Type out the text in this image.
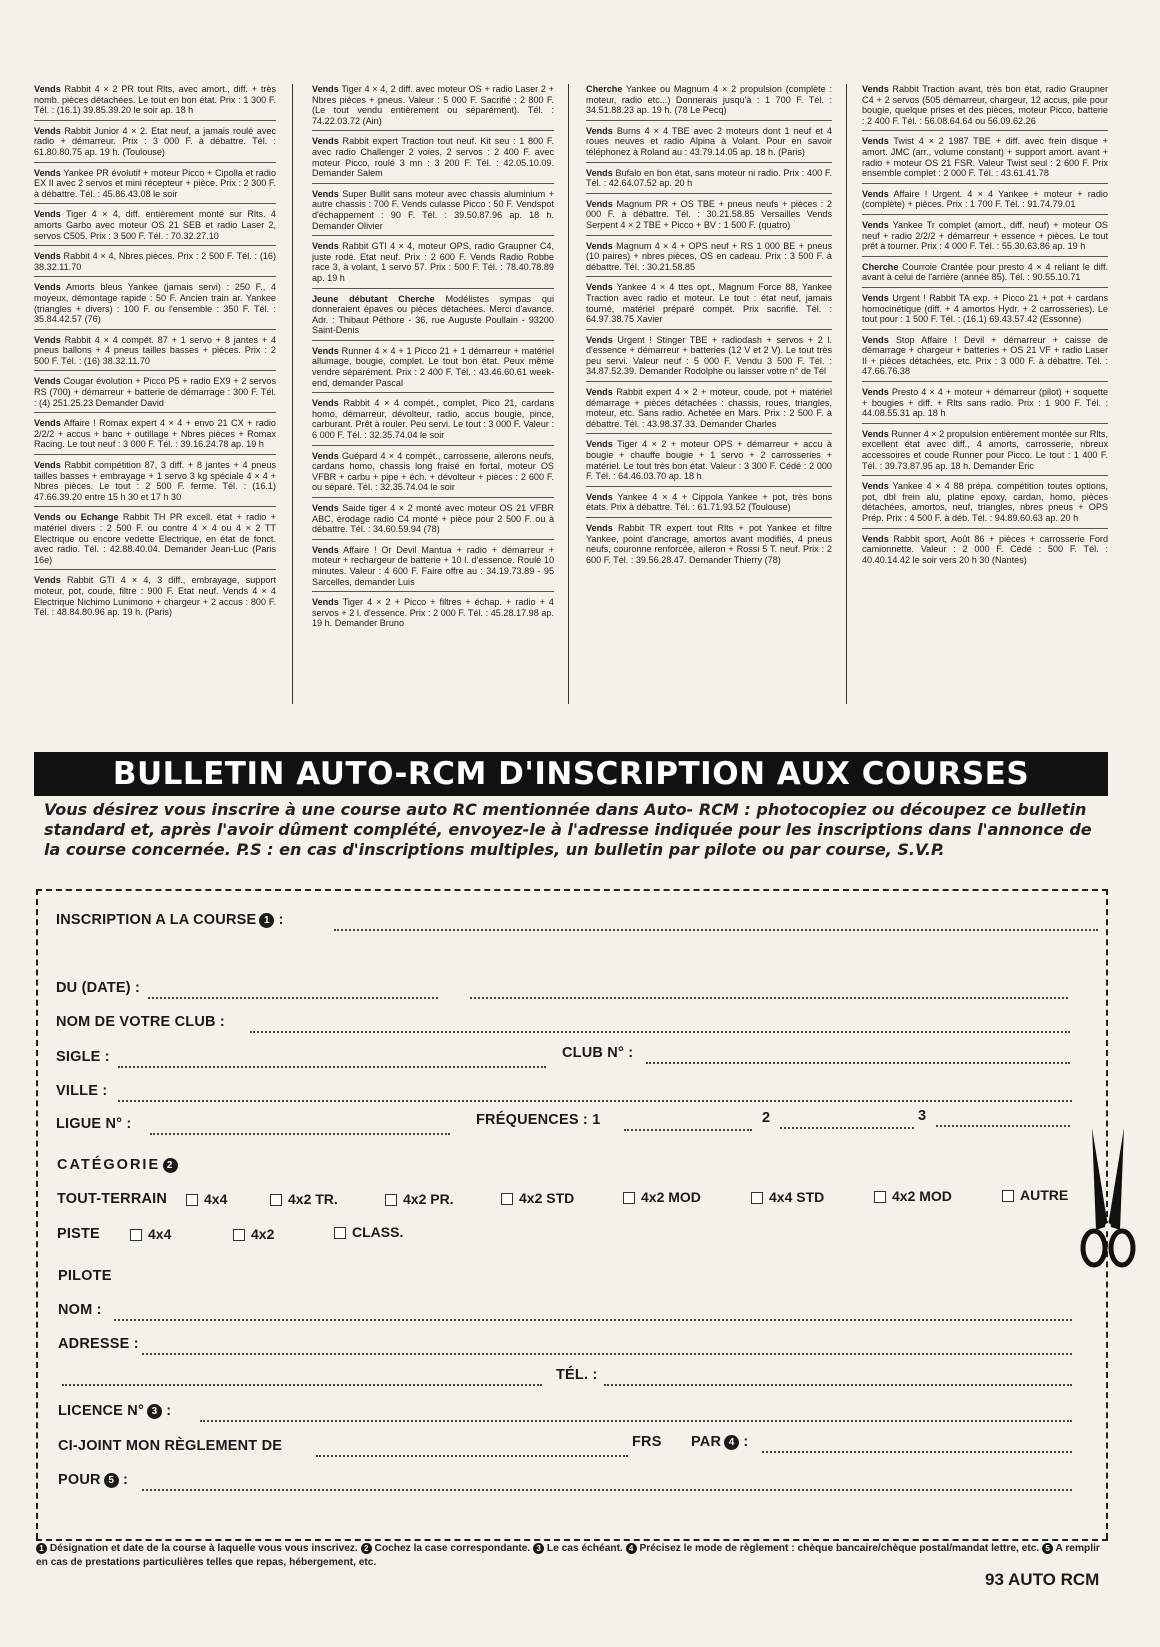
Vends Rabbit 4 × 2 PR tout Rlts, avec amort., diff. + très nomb. pièces détachées. Le tout en bon état. Prix : 1 300 F. Tél. : (16.1) 39.85.39.20 le soir ap. 18 h
Vends Rabbit Junior 4 × 2. Etat neuf, a jamais roulé avec radio + démarreur. Prix : 3 000 F. à débattre. Tél. : 61.80.80.75 ap. 19 h. (Toulouse)
Vends Yankee PR évolutif + moteur Picco + Cipolla et radio EX II avec 2 servos et mini récepteur + pièce. Prix : 2 300 F. à débattre. Tél. : 45.86.43.08 le soir
Vends Tiger 4 × 4, diff. entièrement monté sur Rlts. 4 amorts Garbo avec moteur OS 21 SEB et radio Laser 2, servos C505. Prix : 3 500 F. Tél. : 70.32.27.10
Vends Rabbit 4 × 4, Nbres pièces. Prix : 2 500 F. Tél. : (16) 38.32.11.70
Vends Amorts bleus Yankee (jamais servi) : 250 F., 4 moyeux, démontage rapide : 50 F. Ancien train ar. Yankee (triangles + divers) : 100 F. ou l'ensemble : 350 F. Tél. : 35.84.42.57 (76)
Vends Rabbit 4 × 4 compét. 87 + 1 servo + 8 jantes + 4 pneus ballons + 4 pneus tailles basses + pièces. Prix : 2 500 F. Tél. : (16) 38.32.11.70
Vends Cougar évolution + Picco P5 + radio EX9 + 2 servos RS (700) + démarreur + batterie de démarrage : 300 F. Tél. : (4) 251.25.23 Demander David
Vends Affaire ! Romax expert 4 × 4 + envo 21 CX + radio 2/2/2 + accus + banc + outillage + Nbres pièces + Romax Racing. Le tout neuf : 3 000 F. Tél. : 39.16.24.78 ap. 19 h
Vends Rabbit compétition 87, 3 diff. + 8 jantes + 4 pneus tailles basses + embrayage + 1 servo 3 kg spéciale 4 × 4 + Nbres pièces. Le tout : 2 500 F. ferme. Tél. : (16.1) 47.66.39.20 entre 15 h 30 et 17 h 30
Vends ou Echange Rabbit TH PR excell. état + radio + matériel divers : 2 500 F. ou contre 4 × 4 ou 4 × 2 TT Electrique ou encore vedette Electrique, en état de fonct. avec radio. Tél. : 42.88.40.04. Demander Jean-Luc (Paris 16e)
Vends Rabbit GTI 4 × 4, 3 diff., embrayage, support moteur, pot, coude, filtre : 900 F. Etat neuf. Vends 4 × 4 Electrique Nichimo Lunimono + chargeur + 2 accus : 800 F. Tél. : 48.84.80.96 ap. 19 h. (Paris)
Vends Tiger 4 × 4, 2 diff. avec moteur OS + radio Laser 2 + Nbres pièces + pneus. Valeur : 5 000 F. Sacrifié : 2 800 F. (Le tout vendu entièrement ou séparément). Tél. : 74.22.03.72 (Ain)
Vends Rabbit expert Traction tout neuf. Kit seu : 1 800 F. avec radio Challenger 2 voies, 2 servos : 2 400 F. avec moteur Picco, roulé 3 mn : 3 200 F. Tél. : 42.05.10.09. Demander Salem
Vends Super Bullit sans moteur avec chassis aluminium + autre chassis : 700 F. Vends culasse Picco : 50 F. Vendspot d'échappement : 90 F. Tél. : 39.50.87.96 ap. 18 h. Demander Olivier
Vends Rabbit GTI 4 × 4, moteur OPS, radio Graupner C4, juste rodé. Etat neuf. Prix : 2 600 F. Vends Radio Robbe race 3, à volant, 1 servo 57. Prix : 500 F. Tél. : 78.40.78.89 ap. 19 h
Jeune débutant Cherche Modélistes sympas qui donneraient épaves ou pièces détachées. Merci d'avance. Adr. : Thibaut Péthore - 36, rue Auguste Poullain - 93200 Saint-Denis
Vends Runner 4 × 4 + 1 Picco 21 + 1 démarreur + matériel allumage, bougie, complet. Le tout bon état. Peux même vendre séparément. Prix : 2 400 F. Tél. : 43.46.60.61 week-end, demander Pascal
Vends Rabbit 4 × 4 compét., complet, Pico 21, cardans homo, démarreur, dévolteur, radio, accus bougie, pince, carburant. Prêt à rouler. Peu servi. Le tout : 3 000 F. Valeur : 6 000 F. Tél. : 32.35.74.04 le soir
Vends Guépard 4 × 4 compét., carrosserie, ailerons neufs, cardans homo, chassis long fraisé en fortal, moteur OS VFBR + carbu + pipe + éch. + dévolteur + pièces : 2 600 F. ou séparé. Tél. : 32.35.74.04 le soir
Vends Saide tiger 4 × 2 monté avec moteur OS 21 VFBR ABC, érodage radio C4 monté + pièce pour 2 500 F. ou à débattre. Tél. : 34.60.59.94 (78)
Vends Affaire ! Or Devil Mantua + radio + démarreur + moteur + rechargeur de batterie + 10 l. d'essence. Roulé 10 minutes. Valeur : 4 600 F. Faire offre au : 34.19.73.89 - 95 Sarcelles, demander Luis
Vends Tiger 4 × 2 + Picco + filtres + échap. + radio + 4 servos + 2 l. d'essence. Prix : 2 000 F. Tél. : 45.28.17.98 ap. 19 h. Demander Bruno
Cherche Yankee ou Magnum 4 × 2 propulsion (complète : moteur, radio etc...) Donnerais jusqu'à : 1 700 F. Tél. : 34.51.88.23 ap. 19 h. (78 Le Pecq)
Vends Burns 4 × 4 TBE avec 2 moteurs dont 1 neuf et 4 roues neuves et radio Alpina à Volant. Pour en savoir téléphonez à Roland au : 43.79.14.05 ap. 18 h. (Paris)
Vends Bufalo en bon état, sans moteur ni radio. Prix : 400 F. Tél. : 42.64.07.52 ap. 20 h
Vends Magnum PR + OS TBE + pneus neufs + pièces : 2 000 F. à débattre. Tél. : 30.21.58.85 Versailles Vends Serpent 4 × 2 TBE + Picco + BV : 1 500 F. (quatro)
Vends Magnum 4 × 4 + OPS neuf + RS 1 000 BE + pneus (10 paires) + nbres pièces, OS en cadeau. Prix : 3 500 F. à débattre. Tél. : 30.21.58.85
Vends Yankee 4 × 4 ttes opt., Magnum Force 88, Yankee Traction avec radio et moteur. Le tout : état neuf, jamais tourné, matériel préparé compét. Prix sacrifié. Tél. : 64.97.38.75 Xavier
Vends Urgent ! Stinger TBE + radiodash + servos + 2 l. d'essence + démarreur + batteries (12 V et 2 V). Le tout très peu servi. Valeur neuf : 5 000 F. Vendu 3 500 F. Tél. : 34.87.52.39. Demander Rodolphe ou laisser votre n° de Tél
Vends Rabbit expert 4 × 2 + moteur, coude, pot + matériel démarrage + pièces détachées : chassis, roues, triangles, moteur, etc. Sans radio. Achetée en Mars. Prix : 2 500 F. à débattre. Tél. : 43.98.37.33. Demander Charles
Vends Tiger 4 × 2 + moteur OPS + démarreur + accu à bougie + chauffe bougie + 1 servo + 2 carrosseries + matériel. Le tout très bon état. Valeur : 3 300 F. Cédé : 2 000 F. Tél. : 64.46.03.70 ap. 18 h
Vends Yankee 4 × 4 + Cippola Yankee + pot, très bons états. Prix à débattre. Tél. : 61.71.93.52 (Toulouse)
Vends Rabbit TR expert tout Rlts + pot Yankee et filtre Yankee, point d'ancrage, amortos avant modifiés, 4 pneus neufs, couronne renforcée, aileron + Rossi 5 T. neuf. Prix : 2 600 F. Tél. : 39.56.28.47. Demander Thierry (78)
Vends Rabbit Traction avant, très bon état, radio Graupner C4 + 2 servos (505 démarreur, chargeur, 12 accus, pile pour bougie, quelque prises et des pièces, moteur Picco, batterie : 2 400 F. Tél. : 56.08.64.64 ou 56.09.62.26
Vends Twist 4 × 2 1987 TBE + diff. avec frein disque + amort. JMC (arr., volume constant) + support amort. avant + radio + moteur OS 21 FSR. Valeur Twist seul : 2 600 F. Prix ensemble complet : 2 000 F. Tél. : 43.61.41.78
Vends Affaire ! Urgent. 4 × 4 Yankee + moteur + radio (complète) + pièces. Prix : 1 700 F. Tél. : 91.74.79.01
Vends Yankee Tr complet (amort., diff. neuf) + moteur OS neuf + radio 2/2/2 + démarreur + essence + pièces. Le tout prêt à tourner. Prix : 4 000 F. Tél. : 55.30.63.86 ap. 19 h
Cherche Courroie Crantée pour presto 4 × 4 reliant le diff. avant à celui de l'arrière (année 85). Tél. : 90.55.10.71
Vends Urgent ! Rabbit TA exp. + Picco 21 + pot + cardans homocinétique (diff. + 4 amortos Hydr. + 2 carrosseries). Le tout pour : 1 500 F. Tél. : (16.1) 69.43.57.42 (Essonne)
Vends Stop Affaire ! Devil + démarreur + caisse de démarrage + chargeur + batteries + OS 21 VF + radio Laser II + pièces détachées, etc. Prix : 3 000 F. à débattre. Tél. : 47.66.76.38
Vends Presto 4 × 4 + moteur + démarreur (pilot) + soquette + bougies + diff. + Rlts sans radio. Prix : 1 900 F. Tél. : 44.08.55.31 ap. 18 h
Vends Runner 4 × 2 propulsion entièrement montée sur Rlts, excellent état avec diff., 4 amorts, carrosserie, nbreux accessoires et coude Runner pour Picco. Le tout : 1 400 F. Tél. : 39.73.87.95 ap. 18 h. Demander Eric
Vends Yankee 4 × 4 88 prépa. compétition toutes options, pot, dbl frein alu, platine epoxy, cardan, homo, pièces détachées, amortos, neuf, triangles, nbres pneus + OPS Prép. Prix : 4 500 F. à déb. Tél. : 94.89.60.63 ap. 20 h
Vends Rabbit sport, Août 86 + pièces + carrosserie Ford camionnette. Valeur : 2 000 F. Cédé : 500 F. Tél. : 40.40.14.42 le soir vers 20 h 30 (Nantes)
BULLETIN AUTO-RCM D'INSCRIPTION AUX COURSES
Vous désirez vous inscrire à une course auto RC mentionnée dans Auto- RCM : photocopiez ou découpez ce bulletin standard et, après l'avoir dûment complété, envoyez-le à l'adresse indiquée pour les inscriptions dans l'annonce de la course concernée. P.S : en cas d'inscriptions multiples, un bulletin par pilote ou par course, S.V.P.
INSCRIPTION A LA COURSE 1 :
DU (DATE) :
NOM DE VOTRE CLUB :
SIGLE :	CLUB N° :
VILLE :
LIGUE N° :	FRÉQUENCES : 1	2	3
CATÉGORIE 2
TOUT-TERRAIN	4x4	4x2 TR.	4x2 PR.	4x2 STD	4x2 MOD	4x4 STD	4x2 MOD	AUTRE
PISTE	4x4	4x2	CLASS.
PILOTE
NOM :
ADRESSE :
TÉL. :
LICENCE N° 3 :
CI-JOINT MON RÈGLEMENT DE	FRS PAR 4 :
POUR 5 :
1 Désignation et date de la course à laquelle vous vous inscrivez. 2 Cochez la case correspondante. 3 Le cas échéant. 4 Précisez le mode de règlement : chèque bancaire/chèque postal/mandat lettre, etc. 5 A remplir en cas de prestations particulières telles que repas, hébergement, etc.
93 AUTO RCM
